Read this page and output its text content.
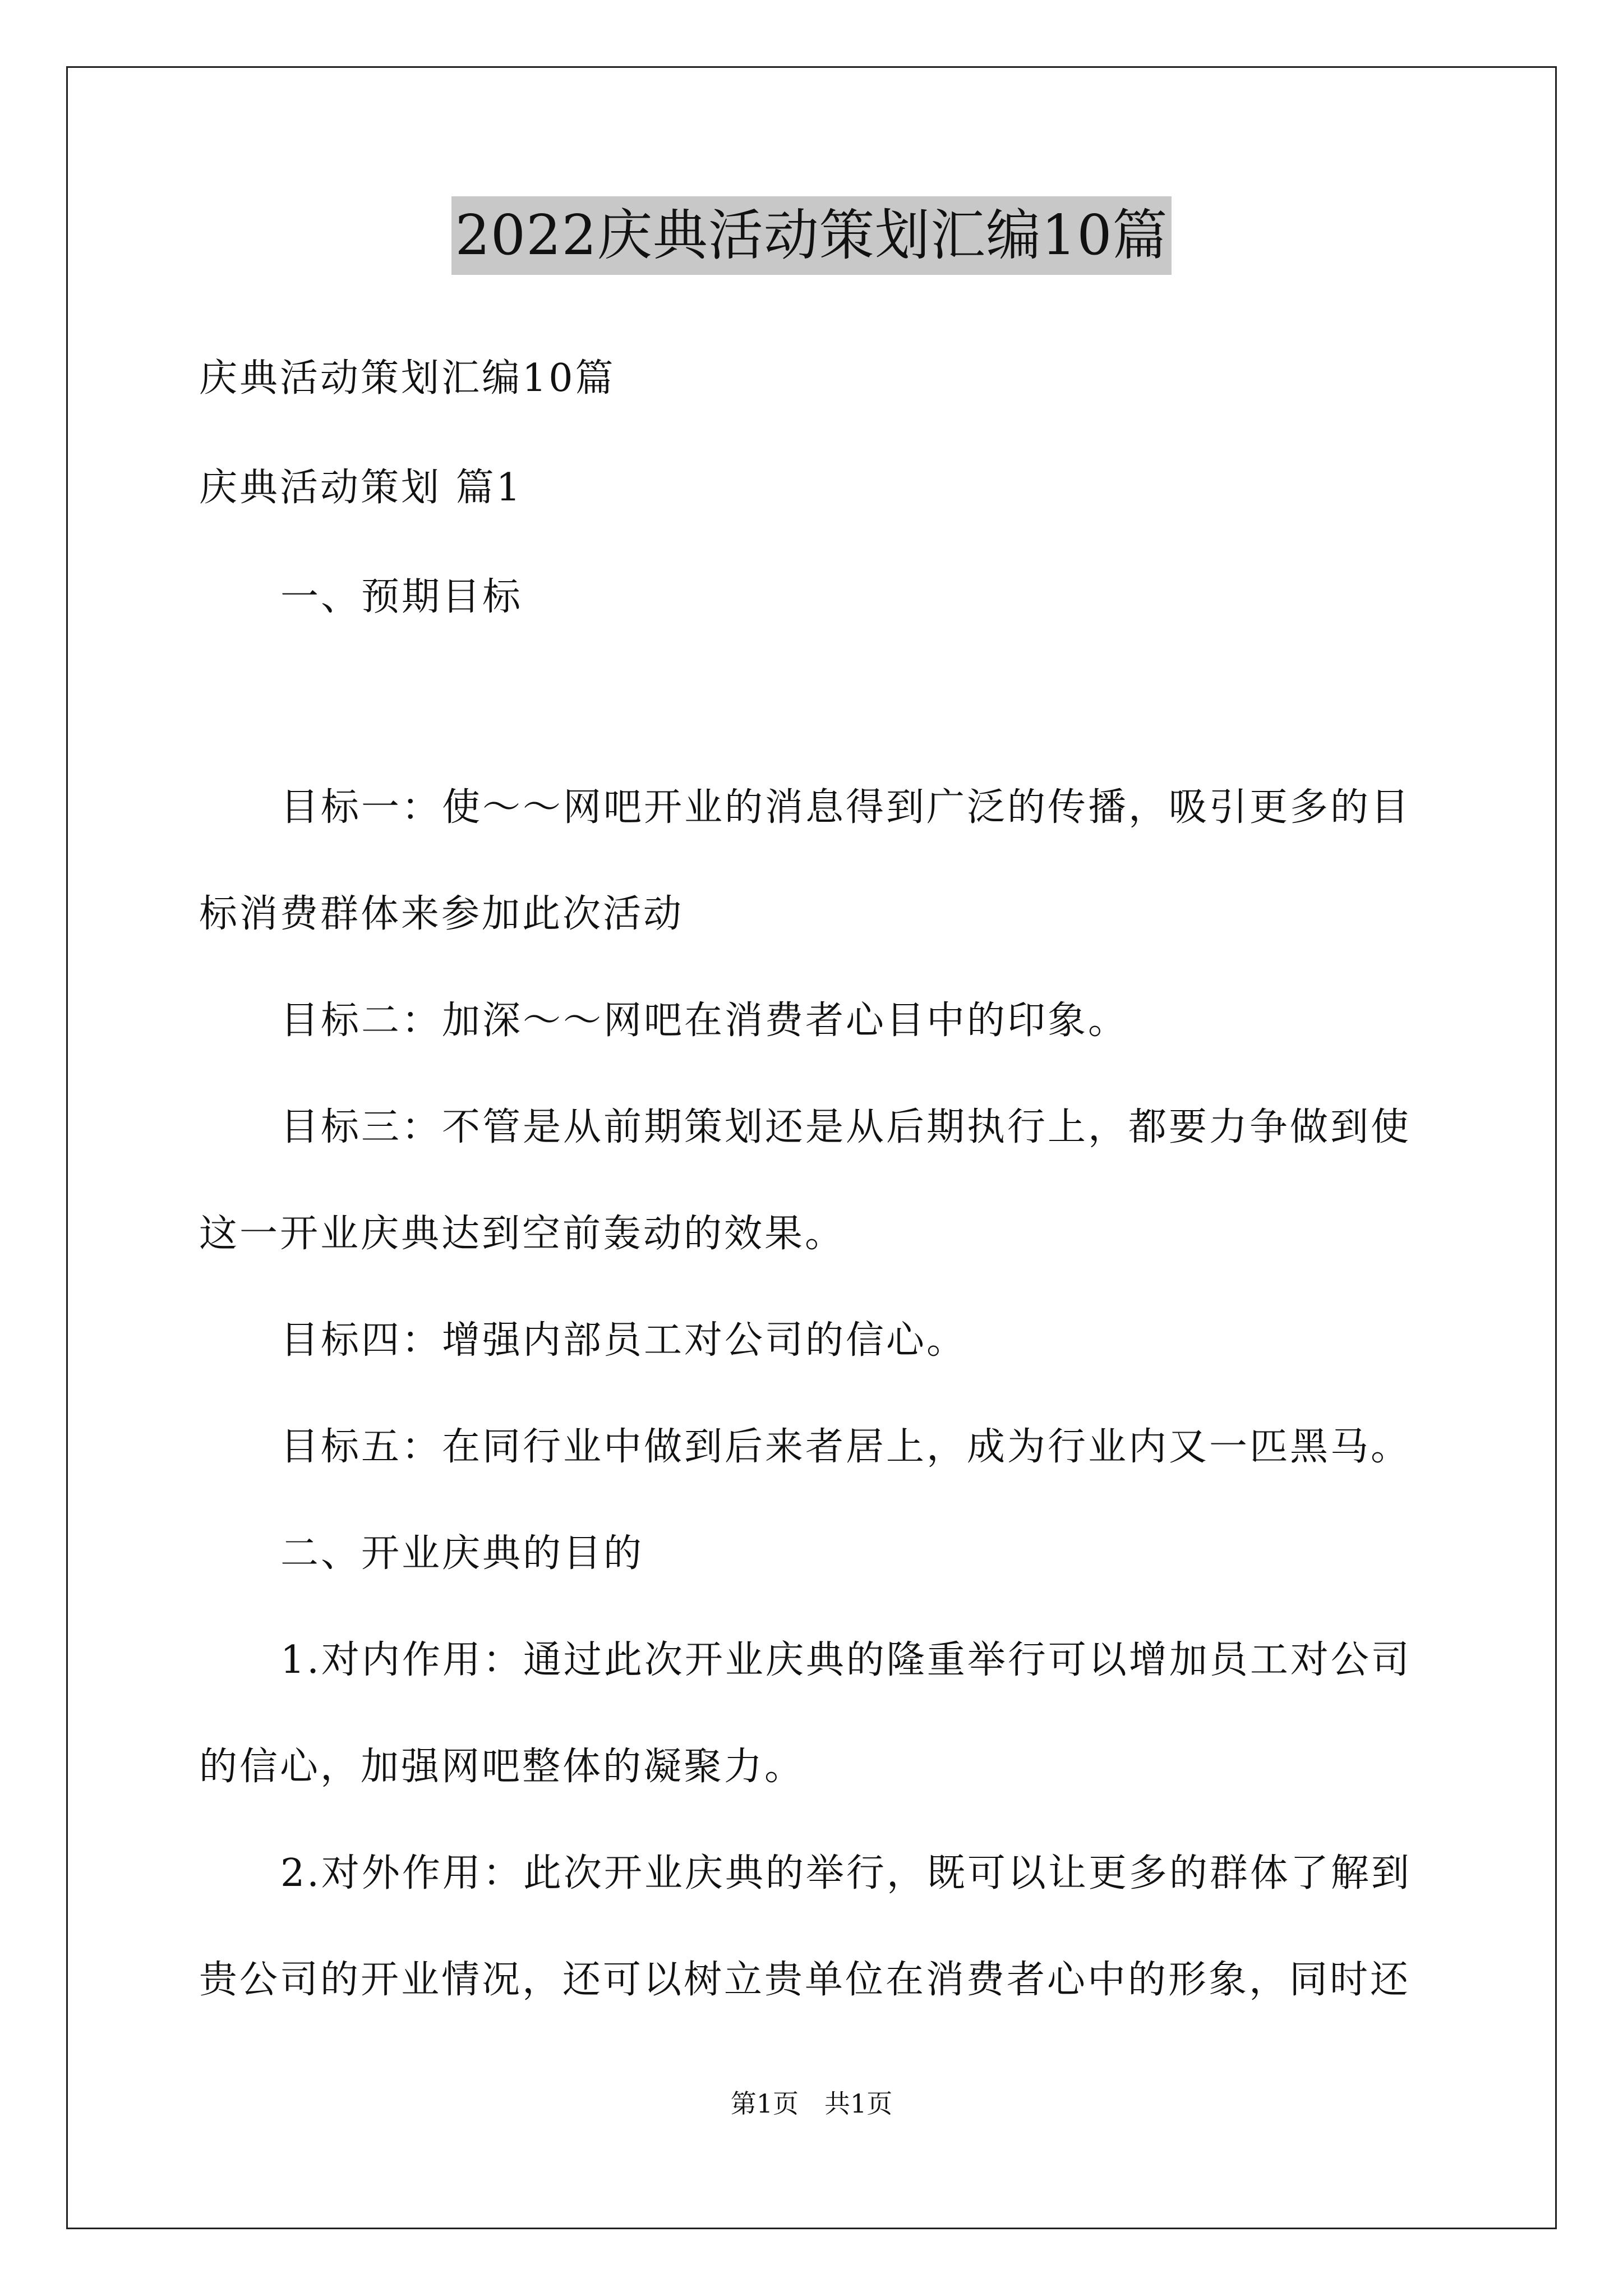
2022庆典活动策划汇编10篇
庆典活动策划汇编10篇
庆典活动策划 篇1
一、预期目标
目标一：使～～网吧开业的消息得到广泛的传播，吸引更多的目
标消费群体来参加此次活动
目标二：加深～～网吧在消费者心目中的印象。
目标三：不管是从前期策划还是从后期执行上，都要力争做到使
这一开业庆典达到空前轰动的效果。
目标四：增强内部员工对公司的信心。
目标五：在同行业中做到后来者居上，成为行业内又一匹黑马。
二、开业庆典的目的
1.对内作用：通过此次开业庆典的隆重举行可以增加员工对公司
的信心，加强网吧整体的凝聚力。
2.对外作用：此次开业庆典的举行，既可以让更多的群体了解到
贵公司的开业情况，还可以树立贵单位在消费者心中的形象，同时还
第1页　共1页
